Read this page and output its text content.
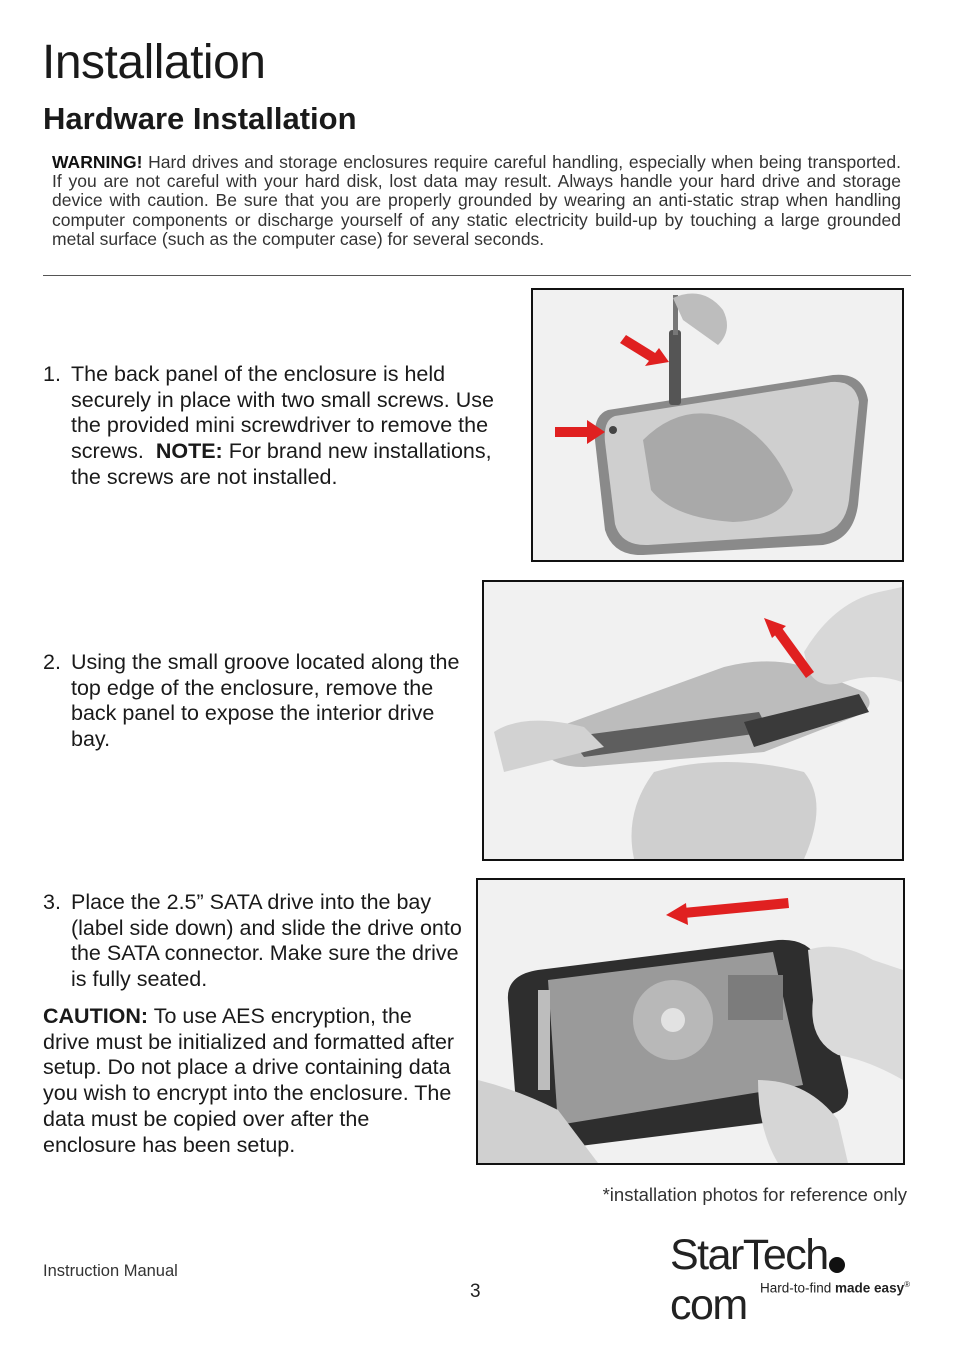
Installation
Hardware Installation
WARNING! Hard drives and storage enclosures require careful handling, especially when being transported. If you are not careful with your hard disk, lost data may result. Always handle your hard drive and storage device with caution. Be sure that you are properly grounded by wearing an anti-static strap when handling computer components or discharge yourself of any static electricity build-up by touching a large grounded metal surface (such as the computer case) for several seconds.
1. The back panel of the enclosure is held securely in place with two small screws. Use the provided mini screwdriver to remove the screws. NOTE: For brand new installations, the screws are not installed.
2. Using the small groove located along the top edge of the enclosure, remove the back panel to expose the interior drive bay.
3. Place the 2.5” SATA drive into the bay (label side down) and slide the drive onto the SATA connector. Make sure the drive is fully seated.
CAUTION: To use AES encryption, the drive must be initialized and formatted after setup. Do not place a drive containing data you wish to encrypt into the enclosure. The data must be copied over after the enclosure has been setup.
*installation photos for reference only
Instruction Manual
3
StarTechcom Hard-to-find made easy®
